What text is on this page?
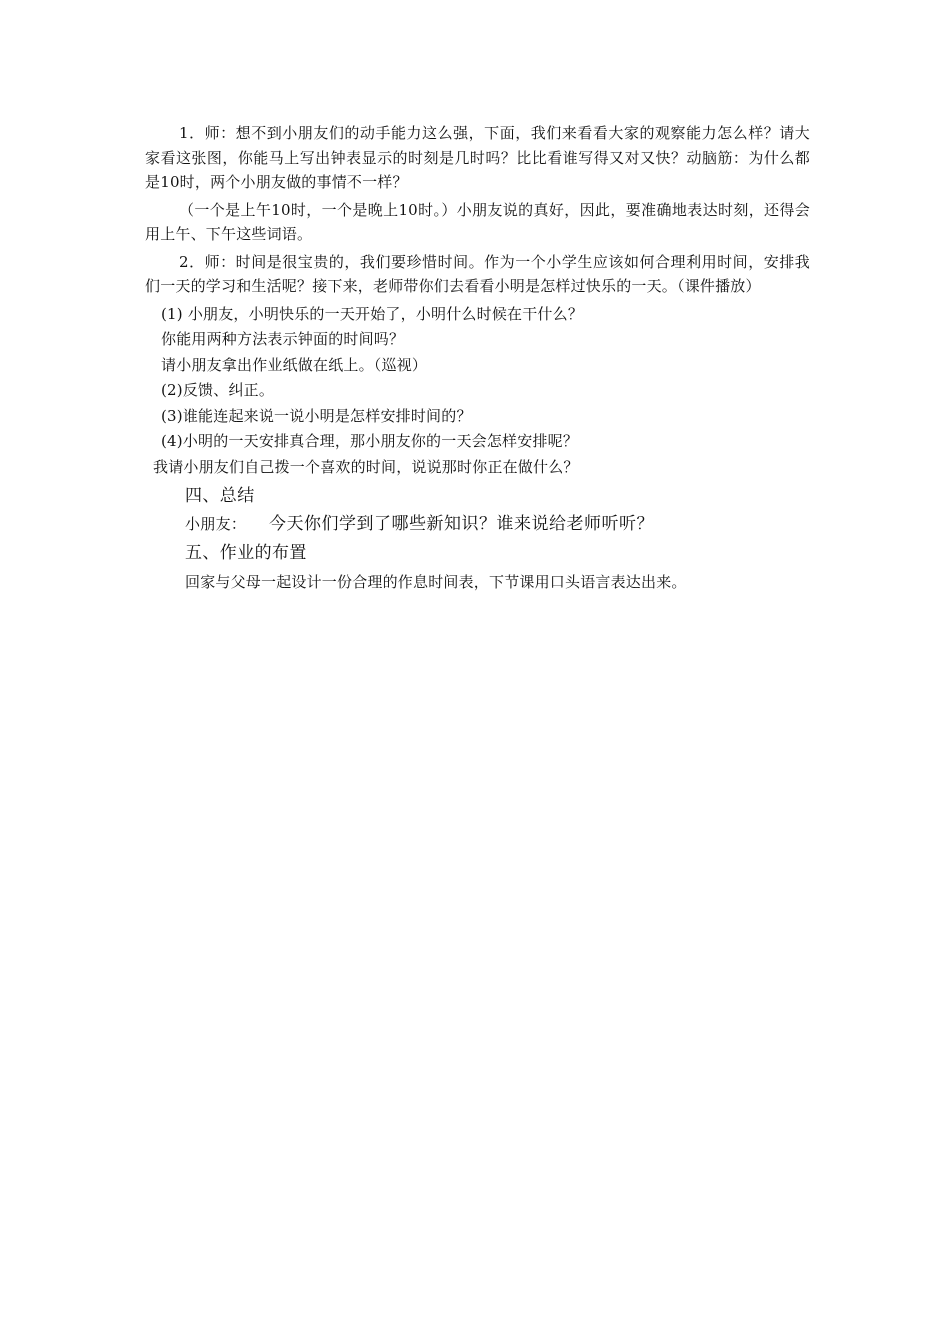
1．师：想不到小朋友们的动手能力这么强，下面，我们来看看大家的观察能力怎么样？请大家看这张图，你能马上写出钟表显示的时刻是几时吗？比比看谁写得又对又快？动脑筋：为什么都是10时，两个小朋友做的事情不一样？

（一个是上午10时，一个是晚上10时。）小朋友说的真好，因此，要准确地表达时刻，还得会用上午、下午这些词语。

2．师：时间是很宝贵的，我们要珍惜时间。作为一个小学生应该如何合理利用时间，安排我们一天的学习和生活呢？接下来，老师带你们去看看小明是怎样过快乐的一天。（课件播放）

(1) 小朋友，小明快乐的一天开始了，小明什么时候在干什么？

你能用两种方法表示钟面的时间吗？

请小朋友拿出作业纸做在纸上。（巡视）

(2)反馈、纠正。

(3)谁能连起来说一说小明是怎样安排时间的？

(4)小明的一天安排真合理，那小朋友你的一天会怎样安排呢？

我请小朋友们自己拨一个喜欢的时间，说说那时你正在做什么？

四、总结

小朋友： 今天你们学到了哪些新知识？谁来说给老师听听？

五、作业的布置

回家与父母一起设计一份合理的作息时间表，下节课用口头语言表达出来。
